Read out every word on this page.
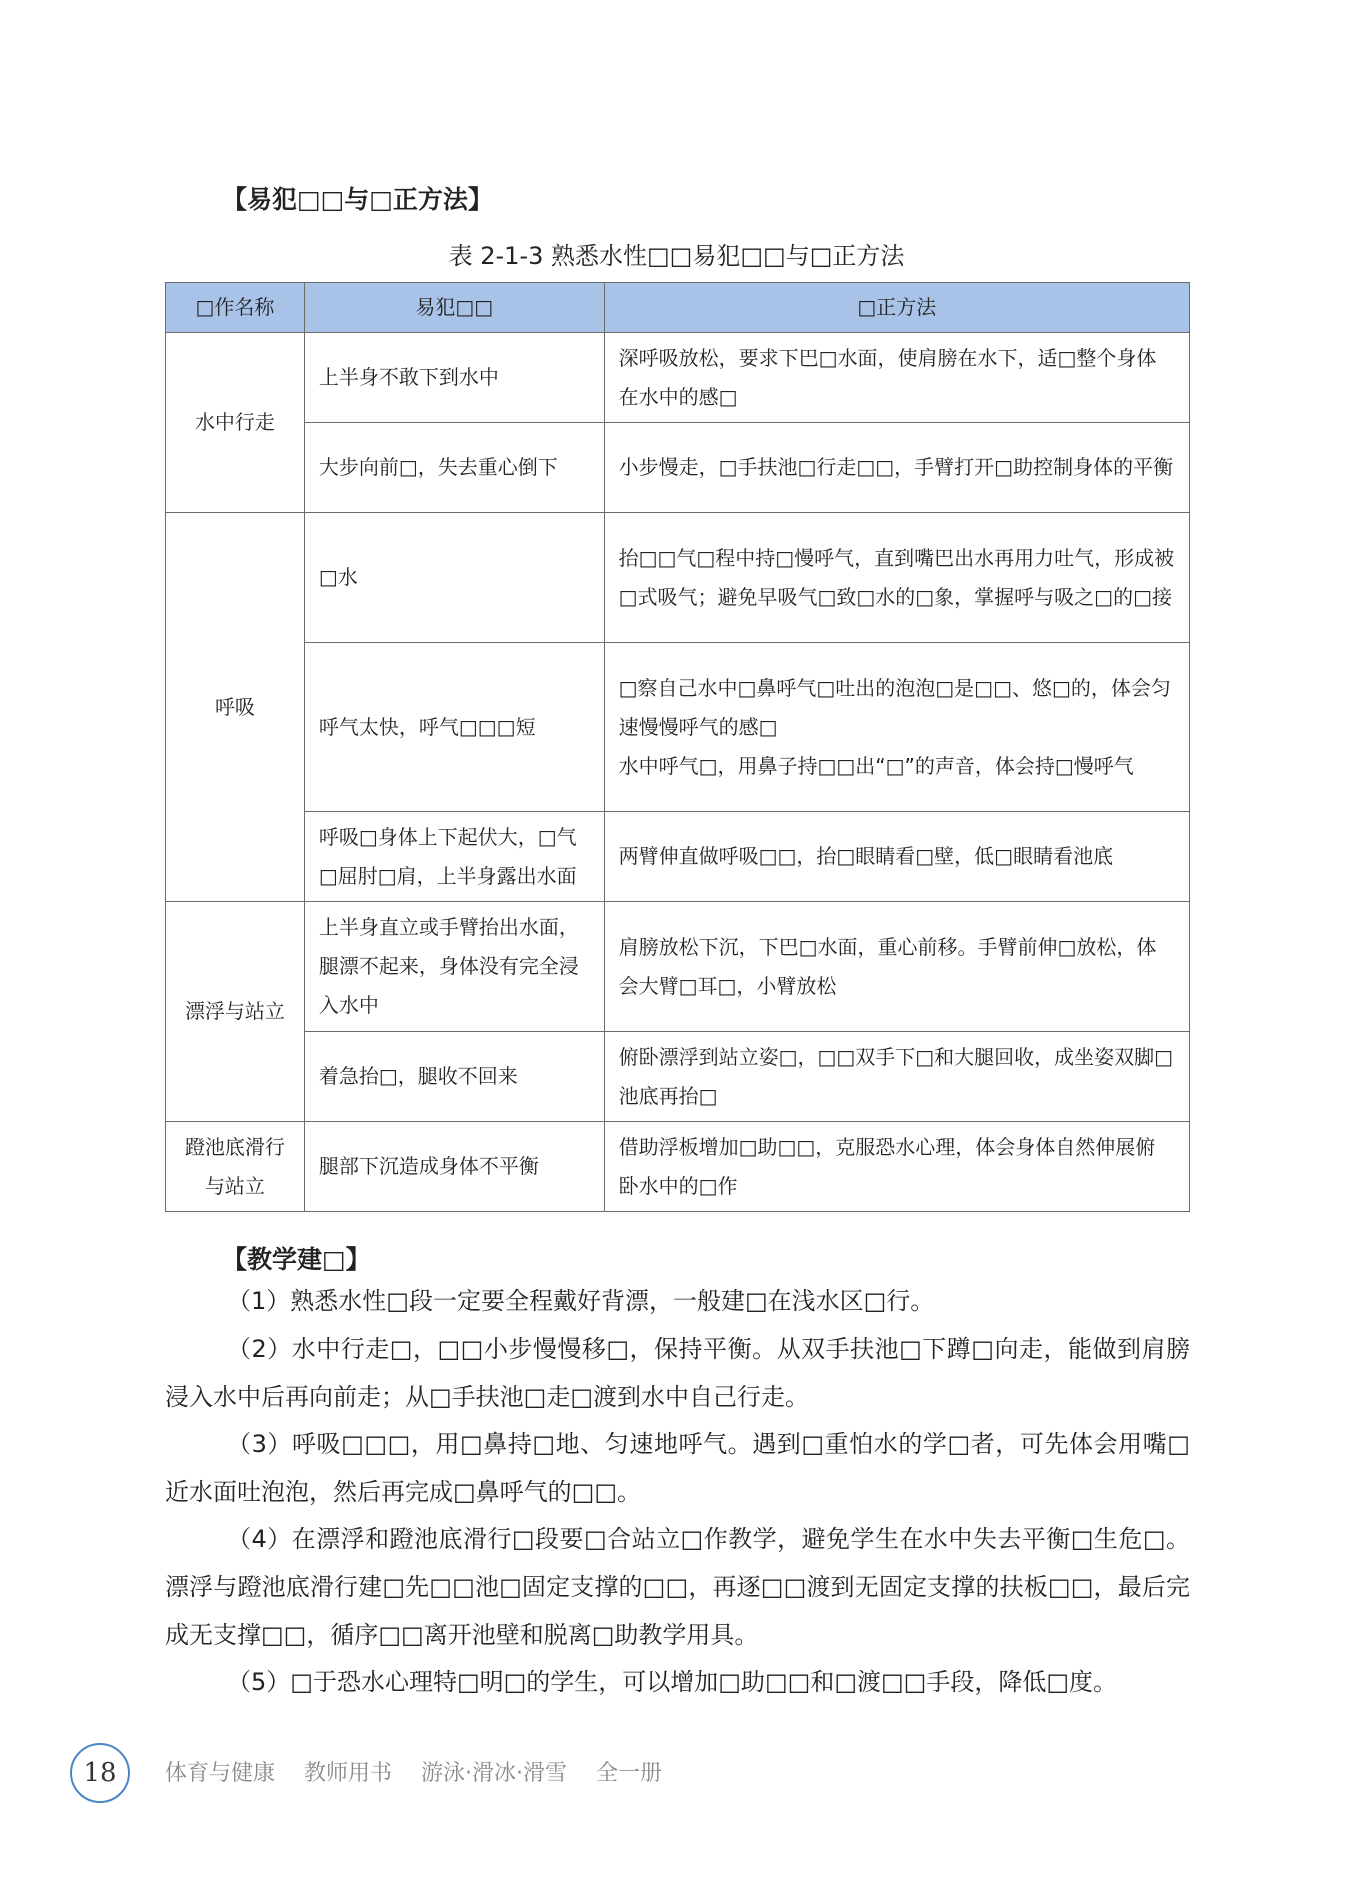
【易犯□□与□正方法】
表 2-1-3 熟悉水性□□易犯□□与□正方法
□作名称	易犯□□	□正方法
水中行走	上半身不敢下到水中	深呼吸放松，要求下巴□水面，使肩膀在水下，适□整个身体在水中的感□
	大步向前□，失去重心倒下	小步慢走，□手扶池□行走□□，手臂打开□助控制身体的平衡
呼吸	□水	抬□□气□程中持□慢呼气，直到嘴巴出水再用力吐气，形成被□式吸气；避免早吸气□致□水的□象，掌握呼与吸之□的□接
	呼气太快，呼气□□□短	□察自己水中□鼻呼气□吐出的泡泡□是□□、悠□的，体会匀速慢慢呼气的感□
水中呼气□，用鼻子持□□出“□”的声音，体会持□慢呼气

	呼吸□身体上下起伏大，□气□屈肘□肩，上半身露出水面	两臂伸直做呼吸□□，抬□眼睛看□壁，低□眼睛看池底
漂浮与站立	上半身直立或手臂抬出水面，腿漂不起来，身体没有完全浸入水中	肩膀放松下沉，下巴□水面，重心前移。手臂前伸□放松，体会大臂□耳□，小臂放松
	着急抬□，腿收不回来	俯卧漂浮到站立姿□，□□双手下□和大腿回收，成坐姿双脚□池底再抬□
蹬池底滑行与站立	腿部下沉造成身体不平衡	借助浮板增加□助□□，克服恐水心理，体会身体自然伸展俯卧水中的□作
【教学建□】
（1）熟悉水性□段一定要全程戴好背漂，一般建□在浅水区□行。
（2）水中行走□，□□小步慢慢移□，保持平衡。从双手扶池□下蹲□向走，能做到肩膀浸入水中后再向前走；从□手扶池□走□渡到水中自己行走。
（3）呼吸□□□，用□鼻持□地、匀速地呼气。遇到□重怕水的学□者，可先体会用嘴□近水面吐泡泡，然后再完成□鼻呼气的□□。
（4）在漂浮和蹬池底滑行□段要□合站立□作教学，避免学生在水中失去平衡□生危□。漂浮与蹬池底滑行建□先□□池□固定支撑的□□，再逐□□渡到无固定支撑的扶板□□，最后完成无支撑□□，循序□□离开池壁和脱离□助教学用具。
（5）□于恐水心理特□明□的学生，可以增加□助□□和□渡□□手段，降低□度。
18	体育与健康 教师用书 游泳·滑冰·滑雪 全一册
